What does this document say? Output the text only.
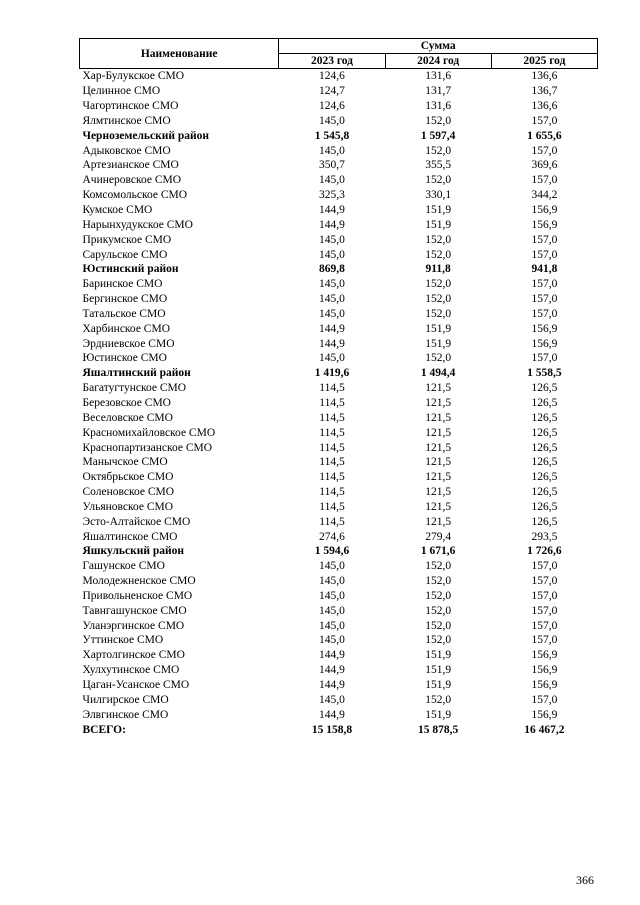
Наименование	Сумма		
	2023 год	2024 год	2025 год
Хар-Булукское СМО	124,6	131,6	136,6
Целинное СМО	124,7	131,7	136,7
Чагортинское СМО	124,6	131,6	136,6
Ялмтинское СМО	145,0	152,0	157,0
Черноземельский район	1 545,8	1 597,4	1 655,6
Адыковское СМО	145,0	152,0	157,0
Артезианское СМО	350,7	355,5	369,6
Ачинеровское СМО	145,0	152,0	157,0
Комсомольское СМО	325,3	330,1	344,2
Кумское СМО	144,9	151,9	156,9
Нарынхудукское СМО	144,9	151,9	156,9
Прикумское СМО	145,0	152,0	157,0
Сарульское СМО	145,0	152,0	157,0
Юстинский район	869,8	911,8	941,8
Баринское СМО	145,0	152,0	157,0
Бергинское СМО	145,0	152,0	157,0
Татальское СМО	145,0	152,0	157,0
Харбинское СМО	144,9	151,9	156,9
Эрдниевское СМО	144,9	151,9	156,9
Юстинское СМО	145,0	152,0	157,0
Яшалтинский район	1 419,6	1 494,4	1 558,5
Багатугтунское СМО	114,5	121,5	126,5
Березовское СМО	114,5	121,5	126,5
Веселовское СМО	114,5	121,5	126,5
Красномихайловское СМО	114,5	121,5	126,5
Краснопартизанское СМО	114,5	121,5	126,5
Манычское СМО	114,5	121,5	126,5
Октябрьское СМО	114,5	121,5	126,5
Соленовское СМО	114,5	121,5	126,5
Ульяновское СМО	114,5	121,5	126,5
Эсто-Алтайское СМО	114,5	121,5	126,5
Яшалтинское СМО	274,6	279,4	293,5
Яшкульский район	1 594,6	1 671,6	1 726,6
Гашунское СМО	145,0	152,0	157,0
Молодежненское СМО	145,0	152,0	157,0
Привольненское СМО	145,0	152,0	157,0
Тавнгашунское СМО	145,0	152,0	157,0
Уланэргинское СМО	145,0	152,0	157,0
Уттинское СМО	145,0	152,0	157,0
Хартолгинское СМО	144,9	151,9	156,9
Хулхутинское СМО	144,9	151,9	156,9
Цаган-Усанское СМО	144,9	151,9	156,9
Чилгирское СМО	145,0	152,0	157,0
Элвгинское СМО	144,9	151,9	156,9
ВСЕГО:	15 158,8	15 878,5	16 467,2
366
